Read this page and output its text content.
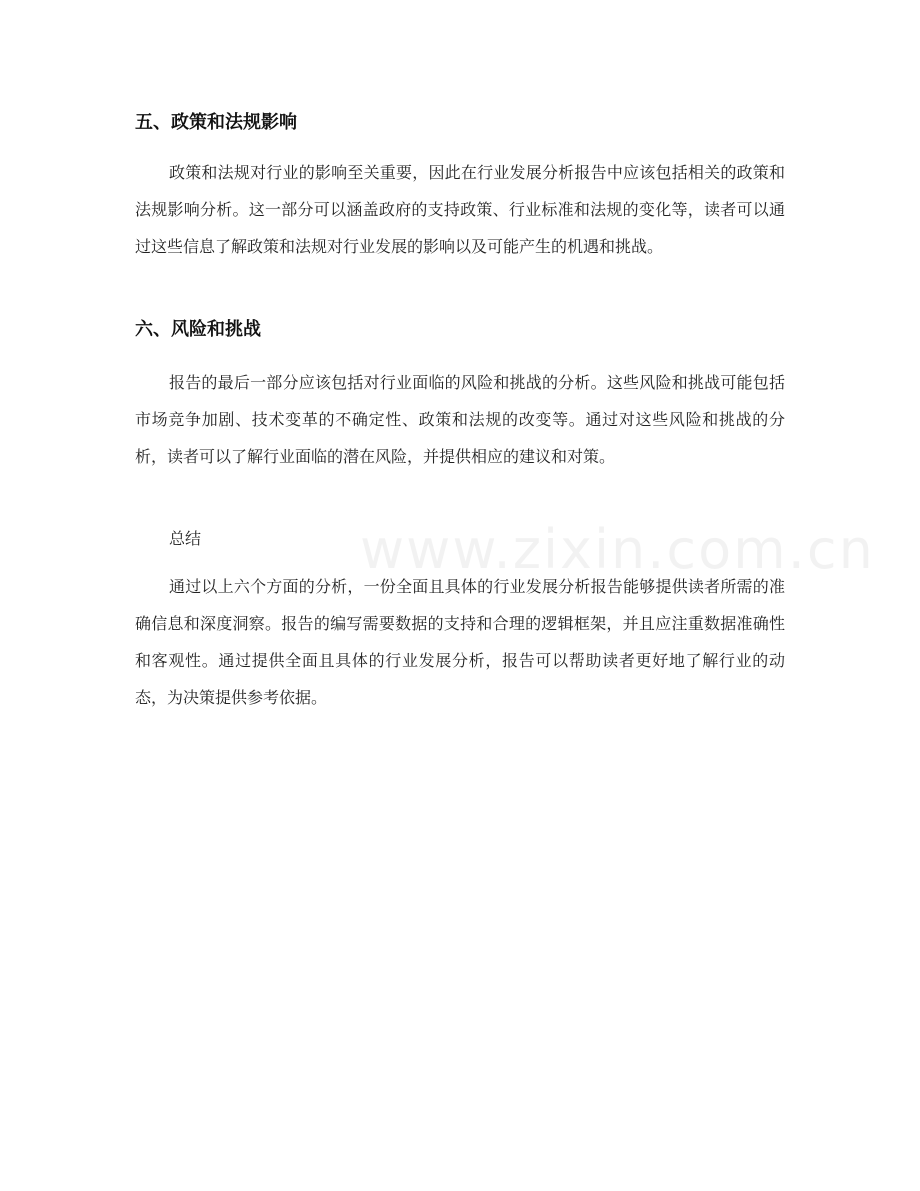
五、政策和法规影响

政策和法规对行业的影响至关重要，因此在行业发展分析报告中应该包括相关的政策和法规影响分析。这一部分可以涵盖政府的支持政策、行业标准和法规的变化等，读者可以通过这些信息了解政策和法规对行业发展的影响以及可能产生的机遇和挑战。

六、风险和挑战

报告的最后一部分应该包括对行业面临的风险和挑战的分析。这些风险和挑战可能包括市场竞争加剧、技术变革的不确定性、政策和法规的改变等。通过对这些风险和挑战的分析，读者可以了解行业面临的潜在风险，并提供相应的建议和对策。

总结

通过以上六个方面的分析，一份全面且具体的行业发展分析报告能够提供读者所需的准确信息和深度洞察。报告的编写需要数据的支持和合理的逻辑框架，并且应注重数据准确性和客观性。通过提供全面且具体的行业发展分析，报告可以帮助读者更好地了解行业的动态，为决策提供参考依据。

www.zixin.com.cn
